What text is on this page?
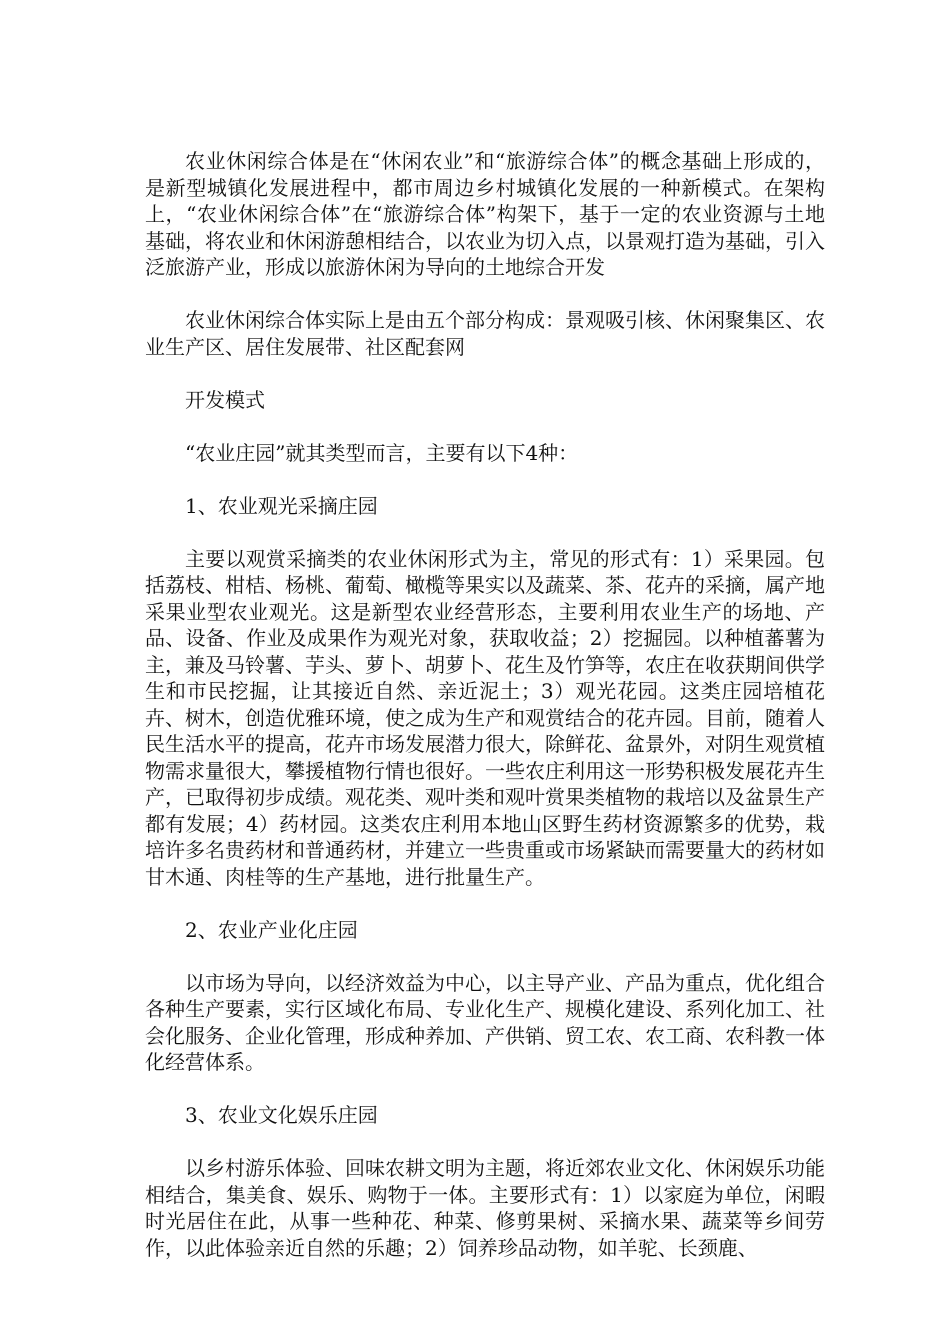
农业休闲综合体是在“休闲农业”和“旅游综合体”的概念基础上形成的，是新型城镇化发展进程中，都市周边乡村城镇化发展的一种新模式。在架构上，“农业休闲综合体”在“旅游综合体”构架下，基于一定的农业资源与土地基础，将农业和休闲游憩相结合，以农业为切入点，以景观打造为基础，引入泛旅游产业，形成以旅游休闲为导向的土地综合开发

农业休闲综合体实际上是由五个部分构成：景观吸引核、休闲聚集区、农业生产区、居住发展带、社区配套网

开发模式

“农业庄园”就其类型而言，主要有以下4种：

1、农业观光采摘庄园

主要以观赏采摘类的农业休闲形式为主，常见的形式有：1）采果园。包括荔枝、柑桔、杨桃、葡萄、橄榄等果实以及蔬菜、茶、花卉的采摘，属产地采果业型农业观光。这是新型农业经营形态，主要利用农业生产的场地、产品、设备、作业及成果作为观光对象，获取收益；2）挖掘园。以种植蕃薯为主，兼及马铃薯、芋头、萝卜、胡萝卜、花生及竹笋等，农庄在收获期间供学生和市民挖掘，让其接近自然、亲近泥土；3）观光花园。这类庄园培植花卉、树木，创造优雅环境，使之成为生产和观赏结合的花卉园。目前，随着人民生活水平的提高，花卉市场发展潜力很大，除鲜花、盆景外，对阴生观赏植物需求量很大，攀援植物行情也很好。一些农庄利用这一形势积极发展花卉生产，已取得初步成绩。观花类、观叶类和观叶赏果类植物的栽培以及盆景生产都有发展；4）药材园。这类农庄利用本地山区野生药材资源繁多的优势，栽培许多名贵药材和普通药材，并建立一些贵重或市场紧缺而需要量大的药材如甘木通、肉桂等的生产基地，进行批量生产。

2、农业产业化庄园

以市场为导向，以经济效益为中心，以主导产业、产品为重点，优化组合各种生产要素，实行区域化布局、专业化生产、规模化建设、系列化加工、社会化服务、企业化管理，形成种养加、产供销、贸工农、农工商、农科教一体化经营体系。

3、农业文化娱乐庄园

以乡村游乐体验、回味农耕文明为主题，将近郊农业文化、休闲娱乐功能相结合，集美食、娱乐、购物于一体。主要形式有：1）以家庭为单位，闲暇时光居住在此，从事一些种花、种菜、修剪果树、采摘水果、蔬菜等乡间劳作，以此体验亲近自然的乐趣；2）饲养珍品动物，如羊驼、长颈鹿、
